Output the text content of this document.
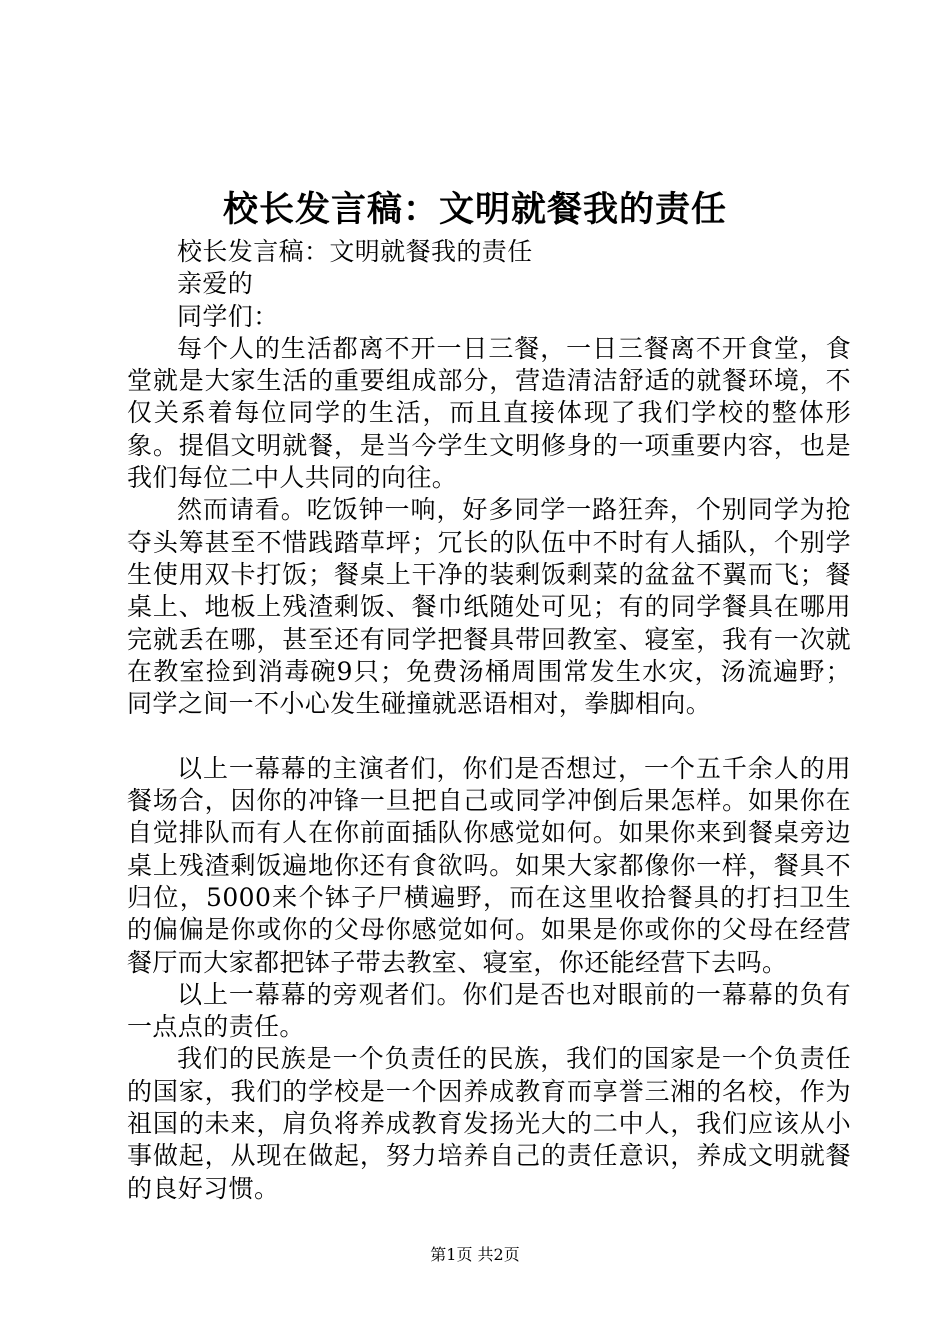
校长发言稿：文明就餐我的责任

校长发言稿：文明就餐我的责任

亲爱的

同学们：

每个人的生活都离不开一日三餐，一日三餐离不开食堂，食堂就是大家生活的重要组成部分，营造清洁舒适的就餐环境，不仅关系着每位同学的生活，而且直接体现了我们学校的整体形象。提倡文明就餐，是当今学生文明修身的一项重要内容，也是我们每位二中人共同的向往。

然而请看。吃饭钟一响，好多同学一路狂奔，个别同学为抢夺头筹甚至不惜践踏草坪；冗长的队伍中不时有人插队，个别学生使用双卡打饭；餐桌上干净的装剩饭剩菜的盆盆不翼而飞；餐桌上、地板上残渣剩饭、餐巾纸随处可见；有的同学餐具在哪用完就丢在哪，甚至还有同学把餐具带回教室、寝室，我有一次就在教室捡到消毒碗9只；免费汤桶周围常发生水灾，汤流遍野；同学之间一不小心发生碰撞就恶语相对，拳脚相向。

以上一幕幕的主演者们，你们是否想过，一个五千余人的用餐场合，因你的冲锋一旦把自己或同学冲倒后果怎样。如果你在自觉排队而有人在你前面插队你感觉如何。如果你来到餐桌旁边桌上残渣剩饭遍地你还有食欲吗。如果大家都像你一样，餐具不归位，5000来个钵子尸横遍野，而在这里收拾餐具的打扫卫生的偏偏是你或你的父母你感觉如何。如果是你或你的父母在经营餐厅而大家都把钵子带去教室、寝室，你还能经营下去吗。

以上一幕幕的旁观者们。你们是否也对眼前的一幕幕的负有一点点的责任。

我们的民族是一个负责任的民族，我们的国家是一个负责任的国家，我们的学校是一个因养成教育而享誉三湘的名校，作为祖国的未来，肩负将养成教育发扬光大的二中人，我们应该从小事做起，从现在做起，努力培养自己的责任意识，养成文明就餐的良好习惯。

第1页 共2页
